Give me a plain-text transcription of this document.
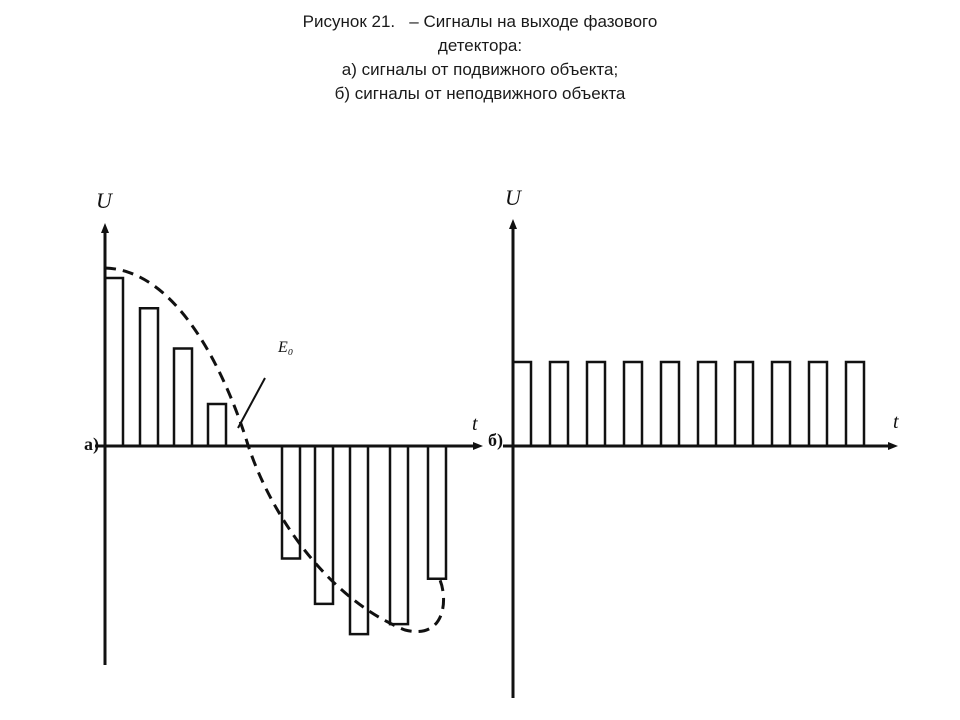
Рисунок 21.   – Сигналы на выходе фазового
детектора:
а) сигналы от подвижного объекта;
б) сигналы от неподвижного объекта
U
t
а)
E₀
U
t
б)
